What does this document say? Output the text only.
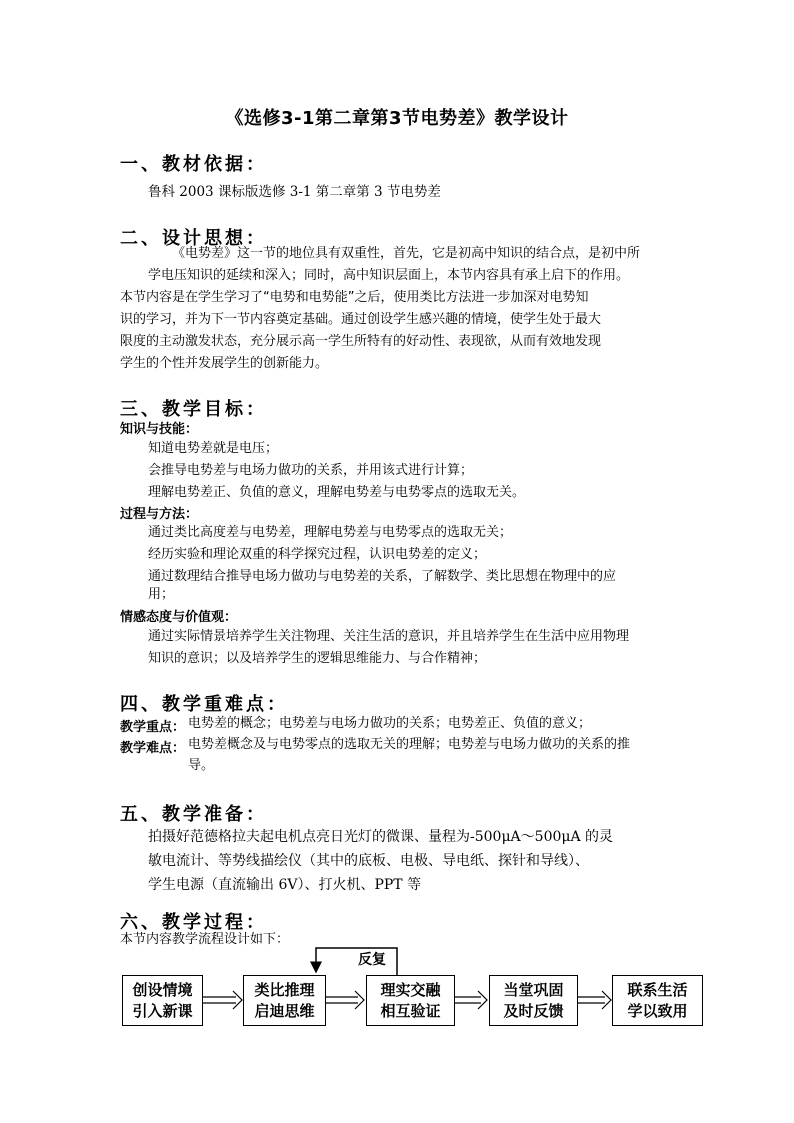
《选修3-1第二章第3节电势差》教学设计
一、教材依据：
鲁科 2003 课标版选修 3-1 第二章第 3 节电势差
二、设计思想：
《电势差》这一节的地位具有双重性，首先，它是初高中知识的结合点，是初中所
学电压知识的延续和深入；同时，高中知识层面上，本节内容具有承上启下的作用。
本节内容是在学生学习了“电势和电势能”之后，使用类比方法进一步加深对电势知
识的学习，并为下一节内容奠定基础。通过创设学生感兴趣的情境，使学生处于最大
限度的主动激发状态，充分展示高一学生所特有的好动性、表现欲，从而有效地发现
学生的个性并发展学生的创新能力。
三、教学目标：
知识与技能：
知道电势差就是电压；
会推导电势差与电场力做功的关系，并用该式进行计算；
理解电势差正、负值的意义，理解电势差与电势零点的选取无关。
过程与方法：
通过类比高度差与电势差，理解电势差与电势零点的选取无关；
经历实验和理论双重的科学探究过程，认识电势差的定义；
通过数理结合推导电场力做功与电势差的关系，了解数学、类比思想在物理中的应
用；
情感态度与价值观：
通过实际情景培养学生关注物理、关注生活的意识，并且培养学生在生活中应用物理
知识的意识；以及培养学生的逻辑思维能力、与合作精神；
四、教学重难点：
教学重点： 电势差的概念；电势差与电场力做功的关系；电势差正、负值的意义；
教学难点： 电势差概念及与电势零点的选取无关的理解；电势差与电场力做功的关系的推
导。
五、教学准备：
拍摄好范德格拉夫起电机点亮日光灯的微课、量程为-500μA～500μA 的灵
敏电流计、等势线描绘仪（其中的底板、电极、导电纸、探针和导线）、
学生电源（直流输出 6V）、打火机、PPT 等
六、教学过程：
本节内容教学流程设计如下：
反复
创设情境
引入新课
类比推理
启迪思维
理实交融
相互验证
当堂巩固
及时反馈
联系生活
学以致用
